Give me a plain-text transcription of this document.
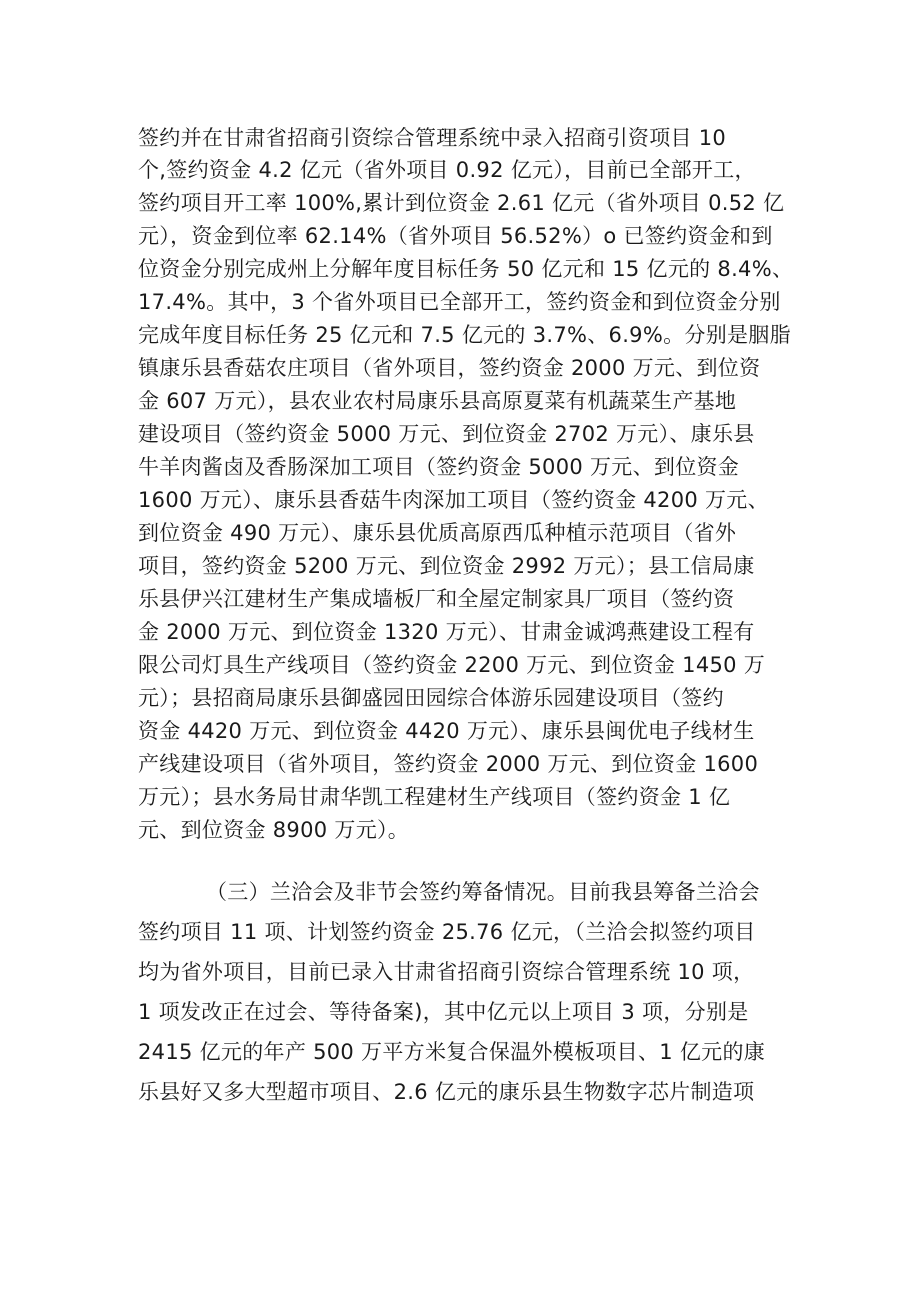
签约并在甘肃省招商引资综合管理系统中录入招商引资项目 10
个,签约资金 4.2 亿元（省外项目 0.92 亿元），目前已全部开工，
签约项目开工率 100%,累计到位资金 2.61 亿元（省外项目 0.52 亿
元），资金到位率 62.14%（省外项目 56.52%）o 已签约资金和到
位资金分别完成州上分解年度目标任务 50 亿元和 15 亿元的 8.4%、
17.4%。其中，3 个省外项目已全部开工，签约资金和到位资金分别
完成年度目标任务 25 亿元和 7.5 亿元的 3.7%、6.9%。分别是胭脂
镇康乐县香菇农庄项目（省外项目，签约资金 2000 万元、到位资
金 607 万元），县农业农村局康乐县高原夏菜有机蔬菜生产基地
建设项目（签约资金 5000 万元、到位资金 2702 万元）、康乐县
牛羊肉酱卤及香肠深加工项目（签约资金 5000 万元、到位资金
1600 万元）、康乐县香菇牛肉深加工项目（签约资金 4200 万元、
到位资金 490 万元）、康乐县优质高原西瓜种植示范项目（省外
项目，签约资金 5200 万元、到位资金 2992 万元）；县工信局康
乐县伊兴江建材生产集成墙板厂和全屋定制家具厂项目（签约资
金 2000 万元、到位资金 1320 万元）、甘肃金诚鸿燕建设工程有
限公司灯具生产线项目（签约资金 2200 万元、到位资金 1450 万
元）；县招商局康乐县御盛园田园综合体游乐园建设项目（签约
资金 4420 万元、到位资金 4420 万元）、康乐县闽优电子线材生
产线建设项目（省外项目，签约资金 2000 万元、到位资金 1600
万元）；县水务局甘肃华凯工程建材生产线项目（签约资金 1 亿
元、到位资金 8900 万元）。
（三）兰洽会及非节会签约筹备情况。目前我县筹备兰洽会
签约项目 11 项、计划签约资金 25.76 亿元，（兰洽会拟签约项目
均为省外项目，目前已录入甘肃省招商引资综合管理系统 10 项，
1 项发改正在过会、等待备案)，其中亿元以上项目 3 项，分别是
2415 亿元的年产 500 万平方米复合保温外模板项目、1 亿元的康
乐县好又多大型超市项目、2.6 亿元的康乐县生物数字芯片制造项
